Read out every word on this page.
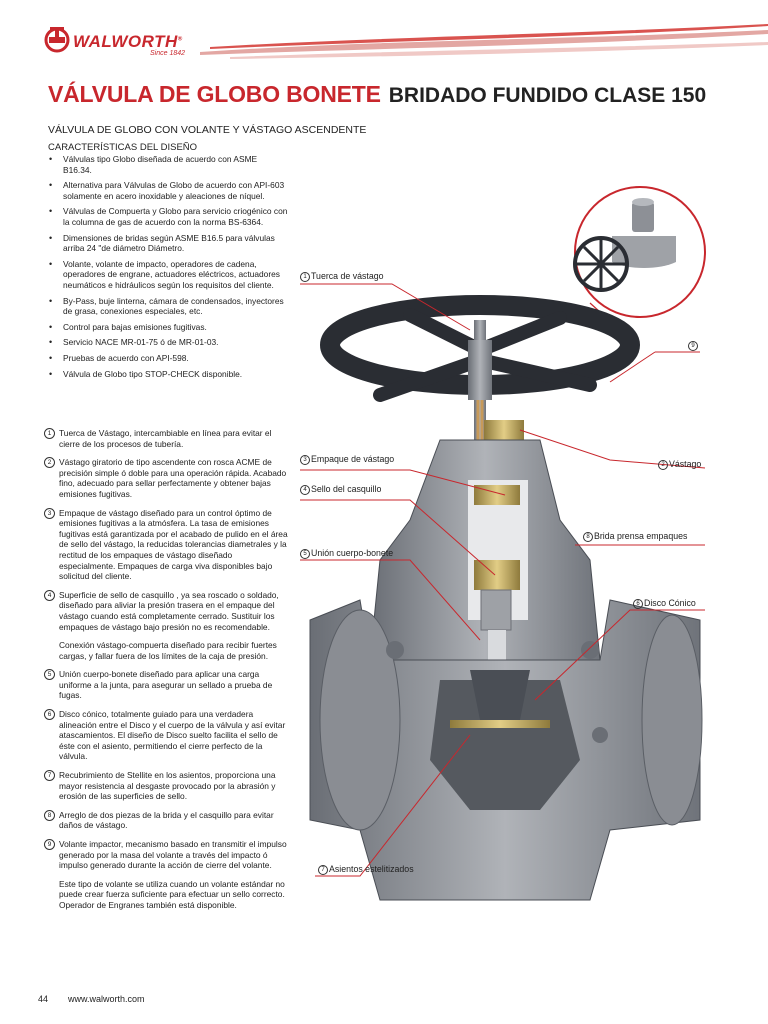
WALWORTH®
Since 1842
VÁLVULA DE GLOBO BONETE BRIDADO FUNDIDO CLASE 150
VÁLVULA DE GLOBO CON VOLANTE Y VÁSTAGO ASCENDENTE
CARACTERÍSTICAS DEL DISEÑO
• Válvulas tipo Globo diseñada de acuerdo con ASME B16.34.
• Alternativa para Válvulas de Globo de acuerdo con API-603 solamente en acero inoxidable y aleaciones de níquel.
• Válvulas de Compuerta y Globo para servicio criogénico con la columna de gas de acuerdo con la norma BS-6364.
• Dimensiones de bridas según ASME B16.5 para válvulas arriba 24 "de diámetro Diámetro.
• Volante, volante de impacto, operadores de cadena, operadores de engrane, actuadores eléctricos, actuadores neumáticos e hidráulicos según los requisitos del cliente.
• By-Pass, buje linterna, cámara de condensados, inyectores de grasa, conexiones especiales, etc.
• Control para bajas emisiones fugitivas.
• Servicio NACE MR-01-75 ó de MR-01-03.
• Pruebas de acuerdo con API-598.
• Válvula de Globo tipo STOP-CHECK disponible.
1 Tuerca de Vástago, intercambiable en línea para evitar el cierre de los procesos de tubería.
2 Vástago giratorio de tipo ascendente con rosca ACME de precisión simple ó doble para una operación rápida. Acabado fino, adecuado para sellar perfectamente y obtener bajas emisiones fugitivas.
3 Empaque de vástago diseñado para un control óptimo de emisiones fugitivas a la atmósfera. La tasa de emisiones fugitivas está garantizada por el acabado de pulido en el área de sello del vástago, la reducidas tolerancias diametrales y la rectitud de los empaques de vástago diseñado especialmente. Empaques de carga viva disponibles bajo solicitud del cliente.
4 Superficie de sello de casquillo , ya sea roscado o soldado, diseñado para aliviar la presión trasera en el empaque del vástago cuando está completamente cerrado. Sustituir los empaques de vástago bajo presión no es recomendable.
Conexión vástago-compuerta diseñado para recibir fuertes cargas, y fallar fuera de los límites de la caja de presión.
5 Unión cuerpo-bonete diseñado para aplicar una carga uniforme a la junta, para asegurar un sellado a prueba de fugas.
6 Disco cónico, totalmente guiado para una verdadera alineación entre el Disco y el cuerpo de la válvula y así evitar atascamientos. El diseño de Disco suelto facilita el sello de éste con el asiento, permitiendo el cierre perfecto de la válvula.
7 Recubrimiento de Stellite en los asientos, proporciona una mayor resistencia al desgaste provocado por la abrasión y erosión de las superficies de sello.
8 Arreglo de dos piezas de la brida y el casquillo para evitar daños de vástago.
9 Volante impactor, mecanismo basado en transmitir el impulso generado por la masa del volante a través del impacto ó impulso generado durante la acción de cierre del volante.
Este tipo de volante se utiliza cuando un volante estándar no puede crear fuerza suficiente para efectuar un sello correcto. Operador de Engranes también está disponible.
1 Tuerca de vástago
9
3 Empaque de vástago
2 Vástago
4 Sello del casquillo
8 Brida prensa empaques
5 Unión cuerpo-bonete
6 Disco Cónico
7 Asientos estelitizados
44 www.walworth.com
